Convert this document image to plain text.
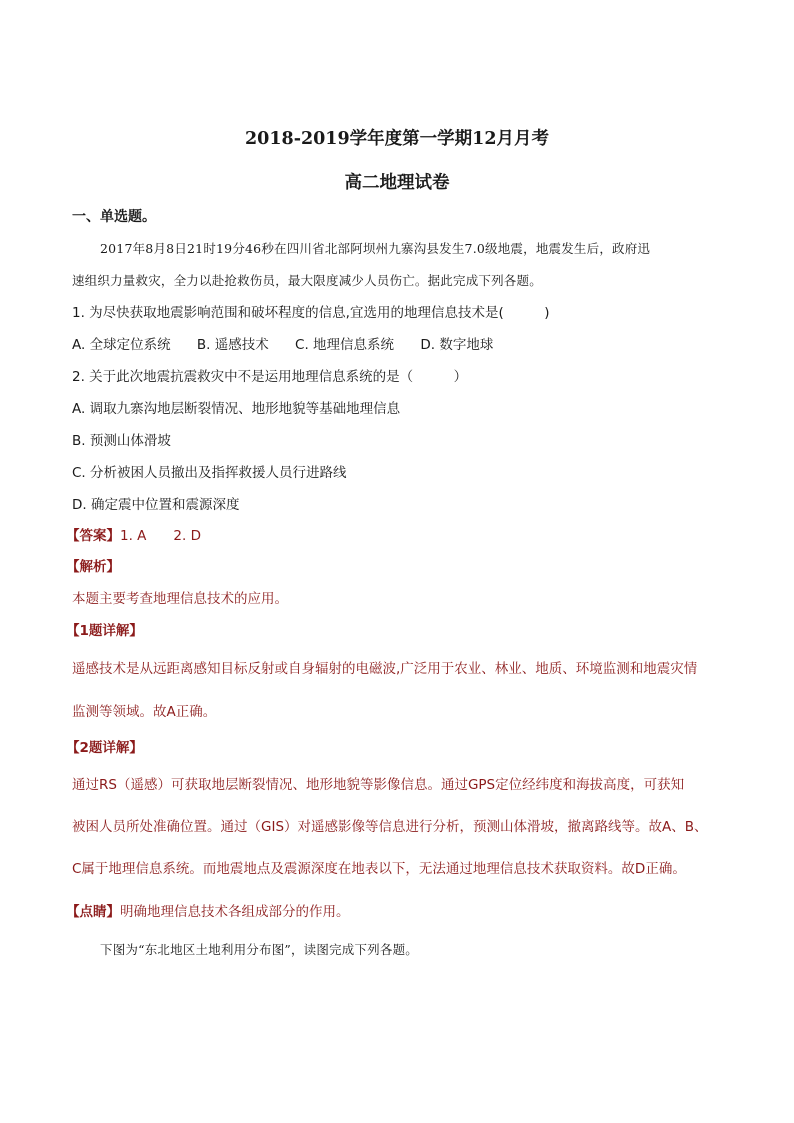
2018-2019学年度第一学期12月月考
高二地理试卷
一、单选题。
2017年8月8日21时19分46秒在四川省北部阿坝州九寨沟县发生7.0级地震，地震发生后，政府迅
速组织力量救灾，全力以赴抢救伤员，最大限度减少人员伤亡。据此完成下列各题。
1. 为尽快获取地震影响范围和破坏程度的信息,宜选用的地理信息技术是(　　　)
A. 全球定位系统 B. 遥感技术 C. 地理信息系统 D. 数字地球
2. 关于此次地震抗震救灾中不是运用地理信息系统的是（　　　）
A. 调取九寨沟地层断裂情况、地形地貌等基础地理信息
B. 预测山体滑坡
C. 分析被困人员撤出及指挥救援人员行进路线
D. 确定震中位置和震源深度
【答案】1. A　　2. D
【解析】
本题主要考查地理信息技术的应用。
【1题详解】
遥感技术是从远距离感知目标反射或自身辐射的电磁波,广泛用于农业、林业、地质、环境监测和地震灾情
监测等领域。故A正确。
【2题详解】
通过RS（遥感）可获取地层断裂情况、地形地貌等影像信息。通过GPS定位经纬度和海拔高度，可获知
被困人员所处准确位置。通过（GIS）对遥感影像等信息进行分析，预测山体滑坡，撤离路线等。故A、B、
C属于地理信息系统。而地震地点及震源深度在地表以下，无法通过地理信息技术获取资料。故D正确。
【点睛】明确地理信息技术各组成部分的作用。
下图为“东北地区土地利用分布图”，读图完成下列各题。
